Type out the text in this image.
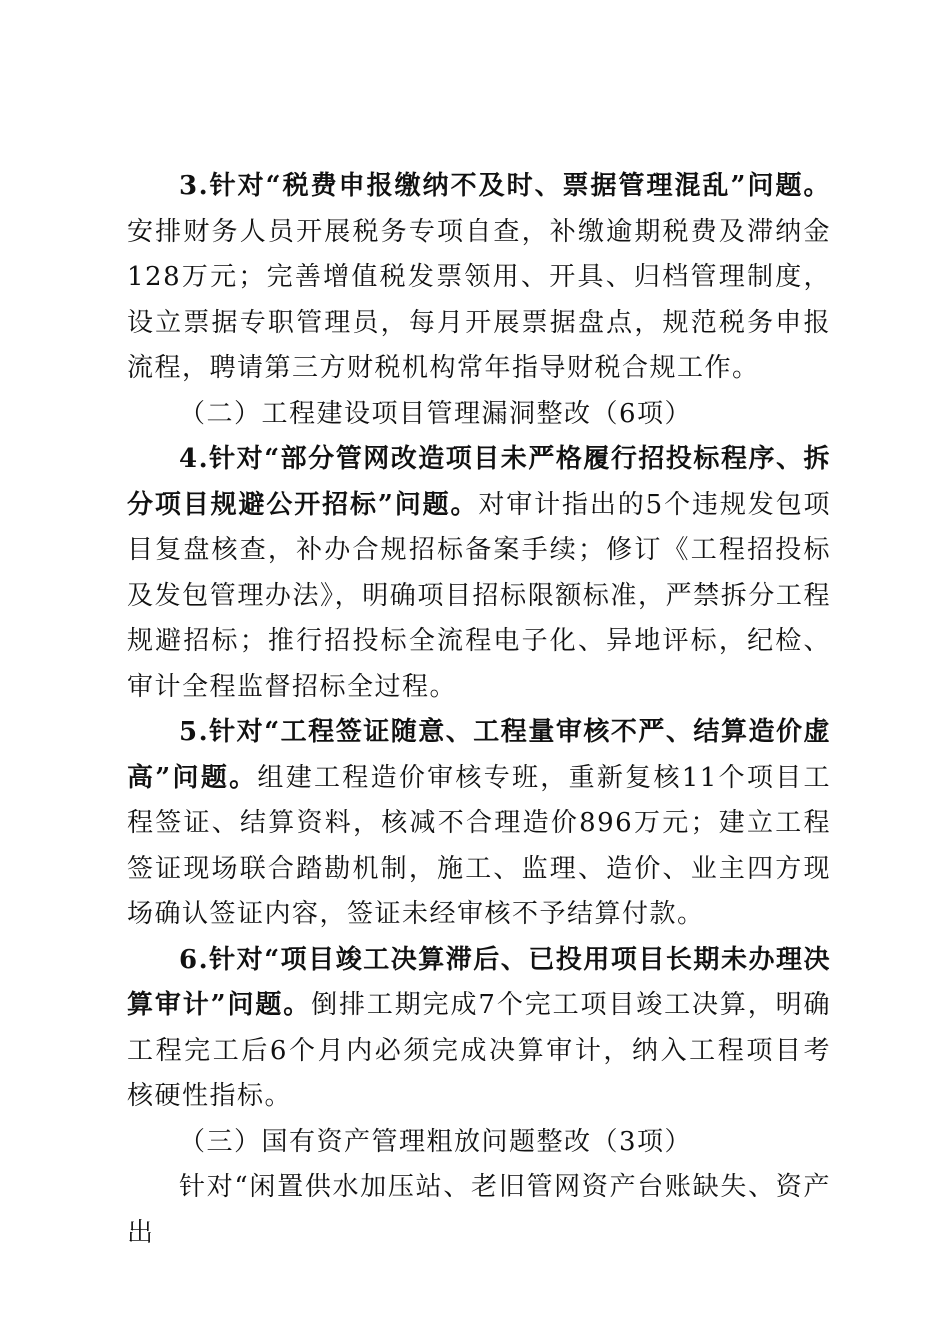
3.针对“税费申报缴纳不及时、票据管理混乱”问题。安排财务人员开展税务专项自查，补缴逾期税费及滞纳金128万元；完善增值税发票领用、开具、归档管理制度，设立票据专职管理员，每月开展票据盘点，规范税务申报流程，聘请第三方财税机构常年指导财税合规工作。

（二）工程建设项目管理漏洞整改（6项）

4.针对“部分管网改造项目未严格履行招投标程序、拆分项目规避公开招标”问题。对审计指出的5个违规发包项目复盘核查，补办合规招标备案手续；修订《工程招投标及发包管理办法》，明确项目招标限额标准，严禁拆分工程规避招标；推行招投标全流程电子化、异地评标，纪检、审计全程监督招标全过程。

5.针对“工程签证随意、工程量审核不严、结算造价虚高”问题。组建工程造价审核专班，重新复核11个项目工程签证、结算资料，核减不合理造价896万元；建立工程签证现场联合踏勘机制，施工、监理、造价、业主四方现场确认签证内容，签证未经审核不予结算付款。

6.针对“项目竣工决算滞后、已投用项目长期未办理决算审计”问题。倒排工期完成7个完工项目竣工决算，明确工程完工后6个月内必须完成决算审计，纳入工程项目考核硬性指标。

（三）国有资产管理粗放问题整改（3项）

针对“闲置供水加压站、老旧管网资产台账缺失、资产出
